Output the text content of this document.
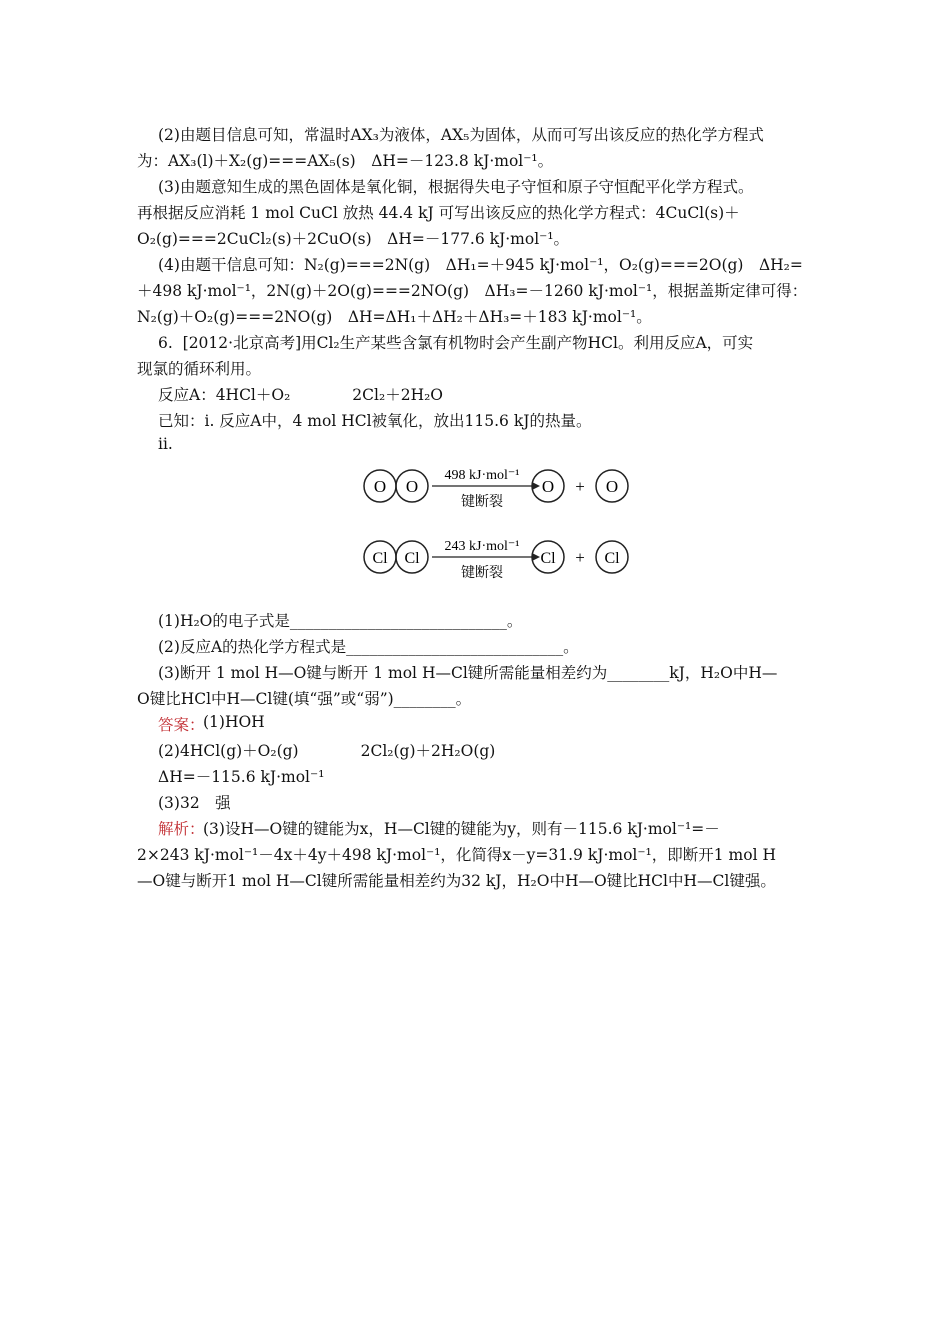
(2)由题目信息可知，常温时AX₃为液体，AX₅为固体，从而可写出该反应的热化学方程式
为：AX₃(l)＋X₂(g)===AX₅(s)　ΔH=－123.8 kJ·mol⁻¹。
(3)由题意知生成的黑色固体是氧化铜，根据得失电子守恒和原子守恒配平化学方程式。
再根据反应消耗 1 mol CuCl 放热 44.4 kJ 可写出该反应的热化学方程式：4CuCl(s)＋
O₂(g)===2CuCl₂(s)＋2CuO(s)　ΔH=－177.6 kJ·mol⁻¹。
(4)由题干信息可知：N₂(g)===2N(g)　ΔH₁=＋945 kJ·mol⁻¹，O₂(g)===2O(g)　ΔH₂=
＋498 kJ·mol⁻¹，2N(g)＋2O(g)===2NO(g)　ΔH₃=－1260 kJ·mol⁻¹，根据盖斯定律可得：
N₂(g)＋O₂(g)===2NO(g)　ΔH=ΔH₁＋ΔH₂＋ΔH₃=＋183 kJ·mol⁻¹。
6.  [2012·北京高考]用Cl₂生产某些含氯有机物时会产生副产物HCl。利用反应A，可实
现氯的循环利用。
反应A：4HCl＋O₂　　　　2Cl₂＋2H₂O
已知：ⅰ. 反应A中，4 mol HCl被氧化，放出115.6 kJ的热量。
ⅱ.
(1)H₂O的电子式是____________________________。
(2)反应A的热化学方程式是____________________________。
(3)断开 1 mol H—O键与断开 1 mol H—Cl键所需能量相差约为________kJ，H₂O中H—
O键比HCl中H—Cl键(填“强”或“弱”)________。
(1)HOH
(2)4HCl(g)＋O₂(g)　　　　2Cl₂(g)＋2H₂O(g)
ΔH=－115.6 kJ·mol⁻¹
(3)32　强
(3)设H—O键的键能为x，H—Cl键的键能为y，则有－115.6 kJ·mol⁻¹=－
2×243 kJ·mol⁻¹－4x＋4y＋498 kJ·mol⁻¹，化简得x－y=31.9 kJ·mol⁻¹，即断开1 mol H
—O键与断开1 mol H—Cl键所需能量相差约为32 kJ，H₂O中H—O键比HCl中H—Cl键强。
答案：
解析：
O O
498 kJ·mol⁻¹
键断裂
O + O
Cl Cl
243 kJ·mol⁻¹
键断裂
Cl + Cl
